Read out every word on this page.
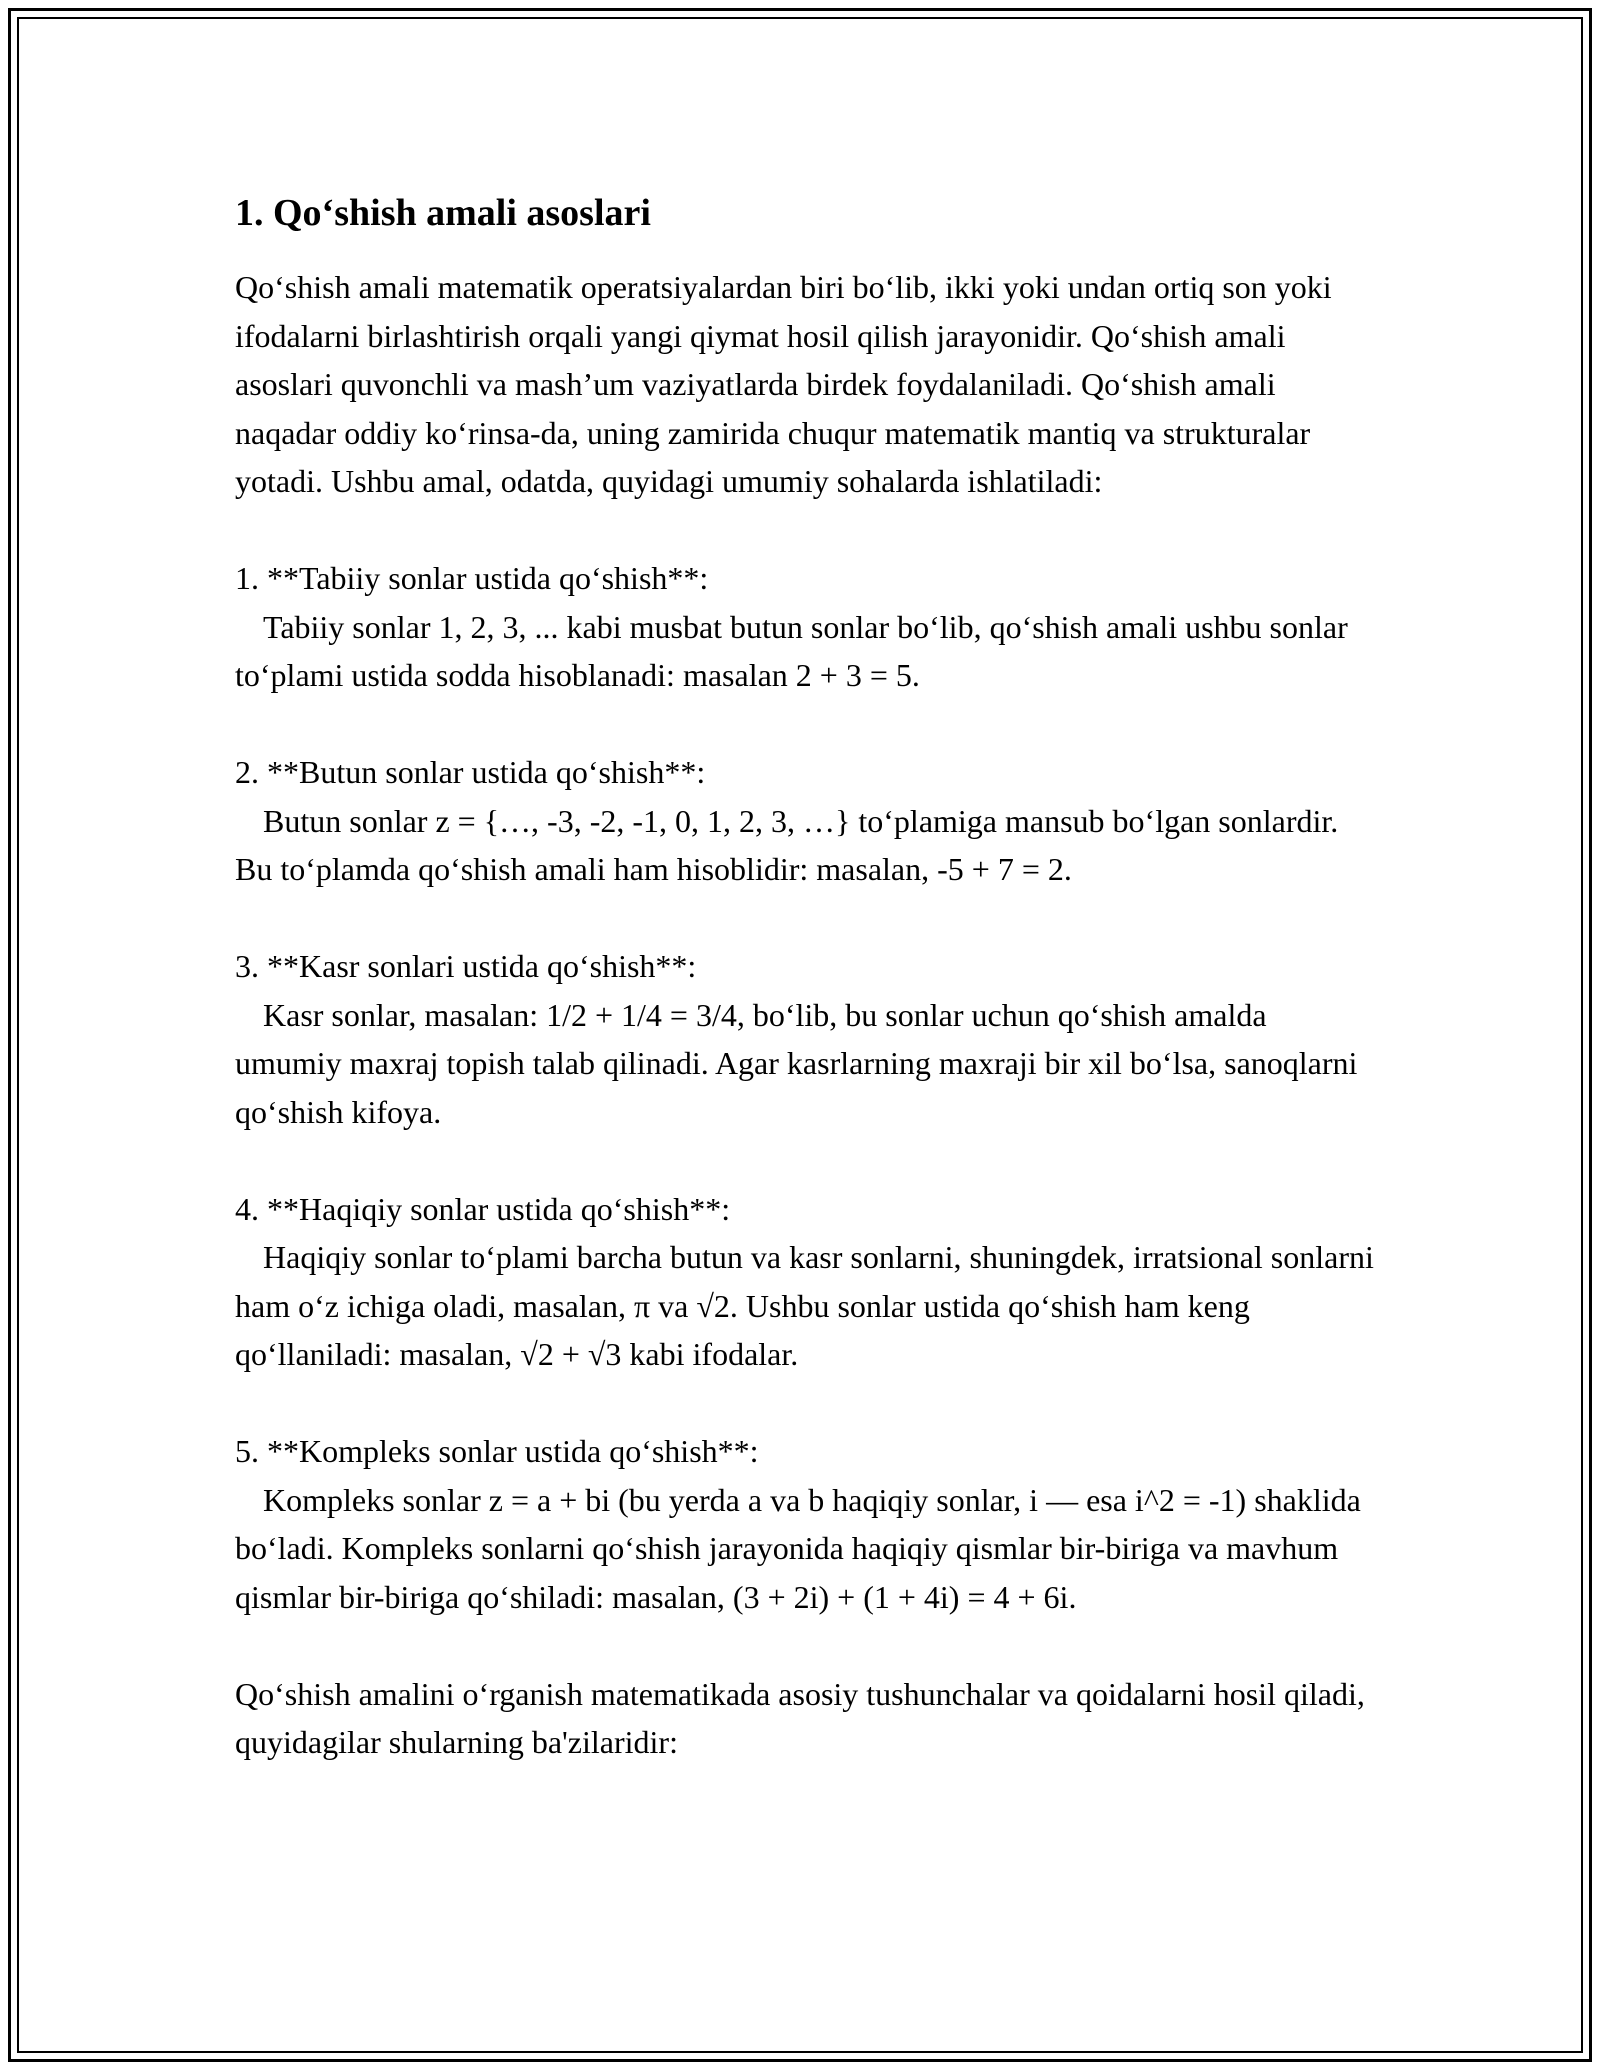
1. Qo‘shish amali asoslari

Qo‘shish amali matematik operatsiyalardan biri bo‘lib, ikki yoki undan ortiq son yoki ifodalarni birlashtirish orqali yangi qiymat hosil qilish jarayonidir. Qo‘shish amali asoslari quvonchli va mash’um vaziyatlarda birdek foydalaniladi. Qo‘shish amali naqadar oddiy ko‘rinsa-da, uning zamirida chuqur matematik mantiq va strukturalar yotadi. Ushbu amal, odatda, quyidagi umumiy sohalarda ishlatiladi:

1. **Tabiiy sonlar ustida qo‘shish**:

Tabiiy sonlar 1, 2, 3, ... kabi musbat butun sonlar bo‘lib, qo‘shish amali ushbu sonlar to‘plami ustida sodda hisoblanadi: masalan 2 + 3 = 5.

2. **Butun sonlar ustida qo‘shish**:

Butun sonlar z = {…, -3, -2, -1, 0, 1, 2, 3, …} to‘plamiga mansub bo‘lgan sonlardir. Bu to‘plamda qo‘shish amali ham hisoblidir: masalan, -5 + 7 = 2.

3. **Kasr sonlari ustida qo‘shish**:

Kasr sonlar, masalan: 1/2 + 1/4 = 3/4, bo‘lib, bu sonlar uchun qo‘shish amalda umumiy maxraj topish talab qilinadi. Agar kasrlarning maxraji bir xil bo‘lsa, sanoqlarni qo‘shish kifoya.

4. **Haqiqiy sonlar ustida qo‘shish**:

Haqiqiy sonlar to‘plami barcha butun va kasr sonlarni, shuningdek, irratsional sonlarni ham o‘z ichiga oladi, masalan, π va √2. Ushbu sonlar ustida qo‘shish ham keng qo‘llaniladi: masalan, √2 + √3 kabi ifodalar.

5. **Kompleks sonlar ustida qo‘shish**:

Kompleks sonlar z = a + bi (bu yerda a va b haqiqiy sonlar, i — esa i^2 = -1) shaklida bo‘ladi. Kompleks sonlarni qo‘shish jarayonida haqiqiy qismlar bir-biriga va mavhum qismlar bir-biriga qo‘shiladi: masalan, (3 + 2i) + (1 + 4i) = 4 + 6i.

Qo‘shish amalini o‘rganish matematikada asosiy tushunchalar va qoidalarni hosil qiladi, quyidagilar shularning ba'zilaridir:
